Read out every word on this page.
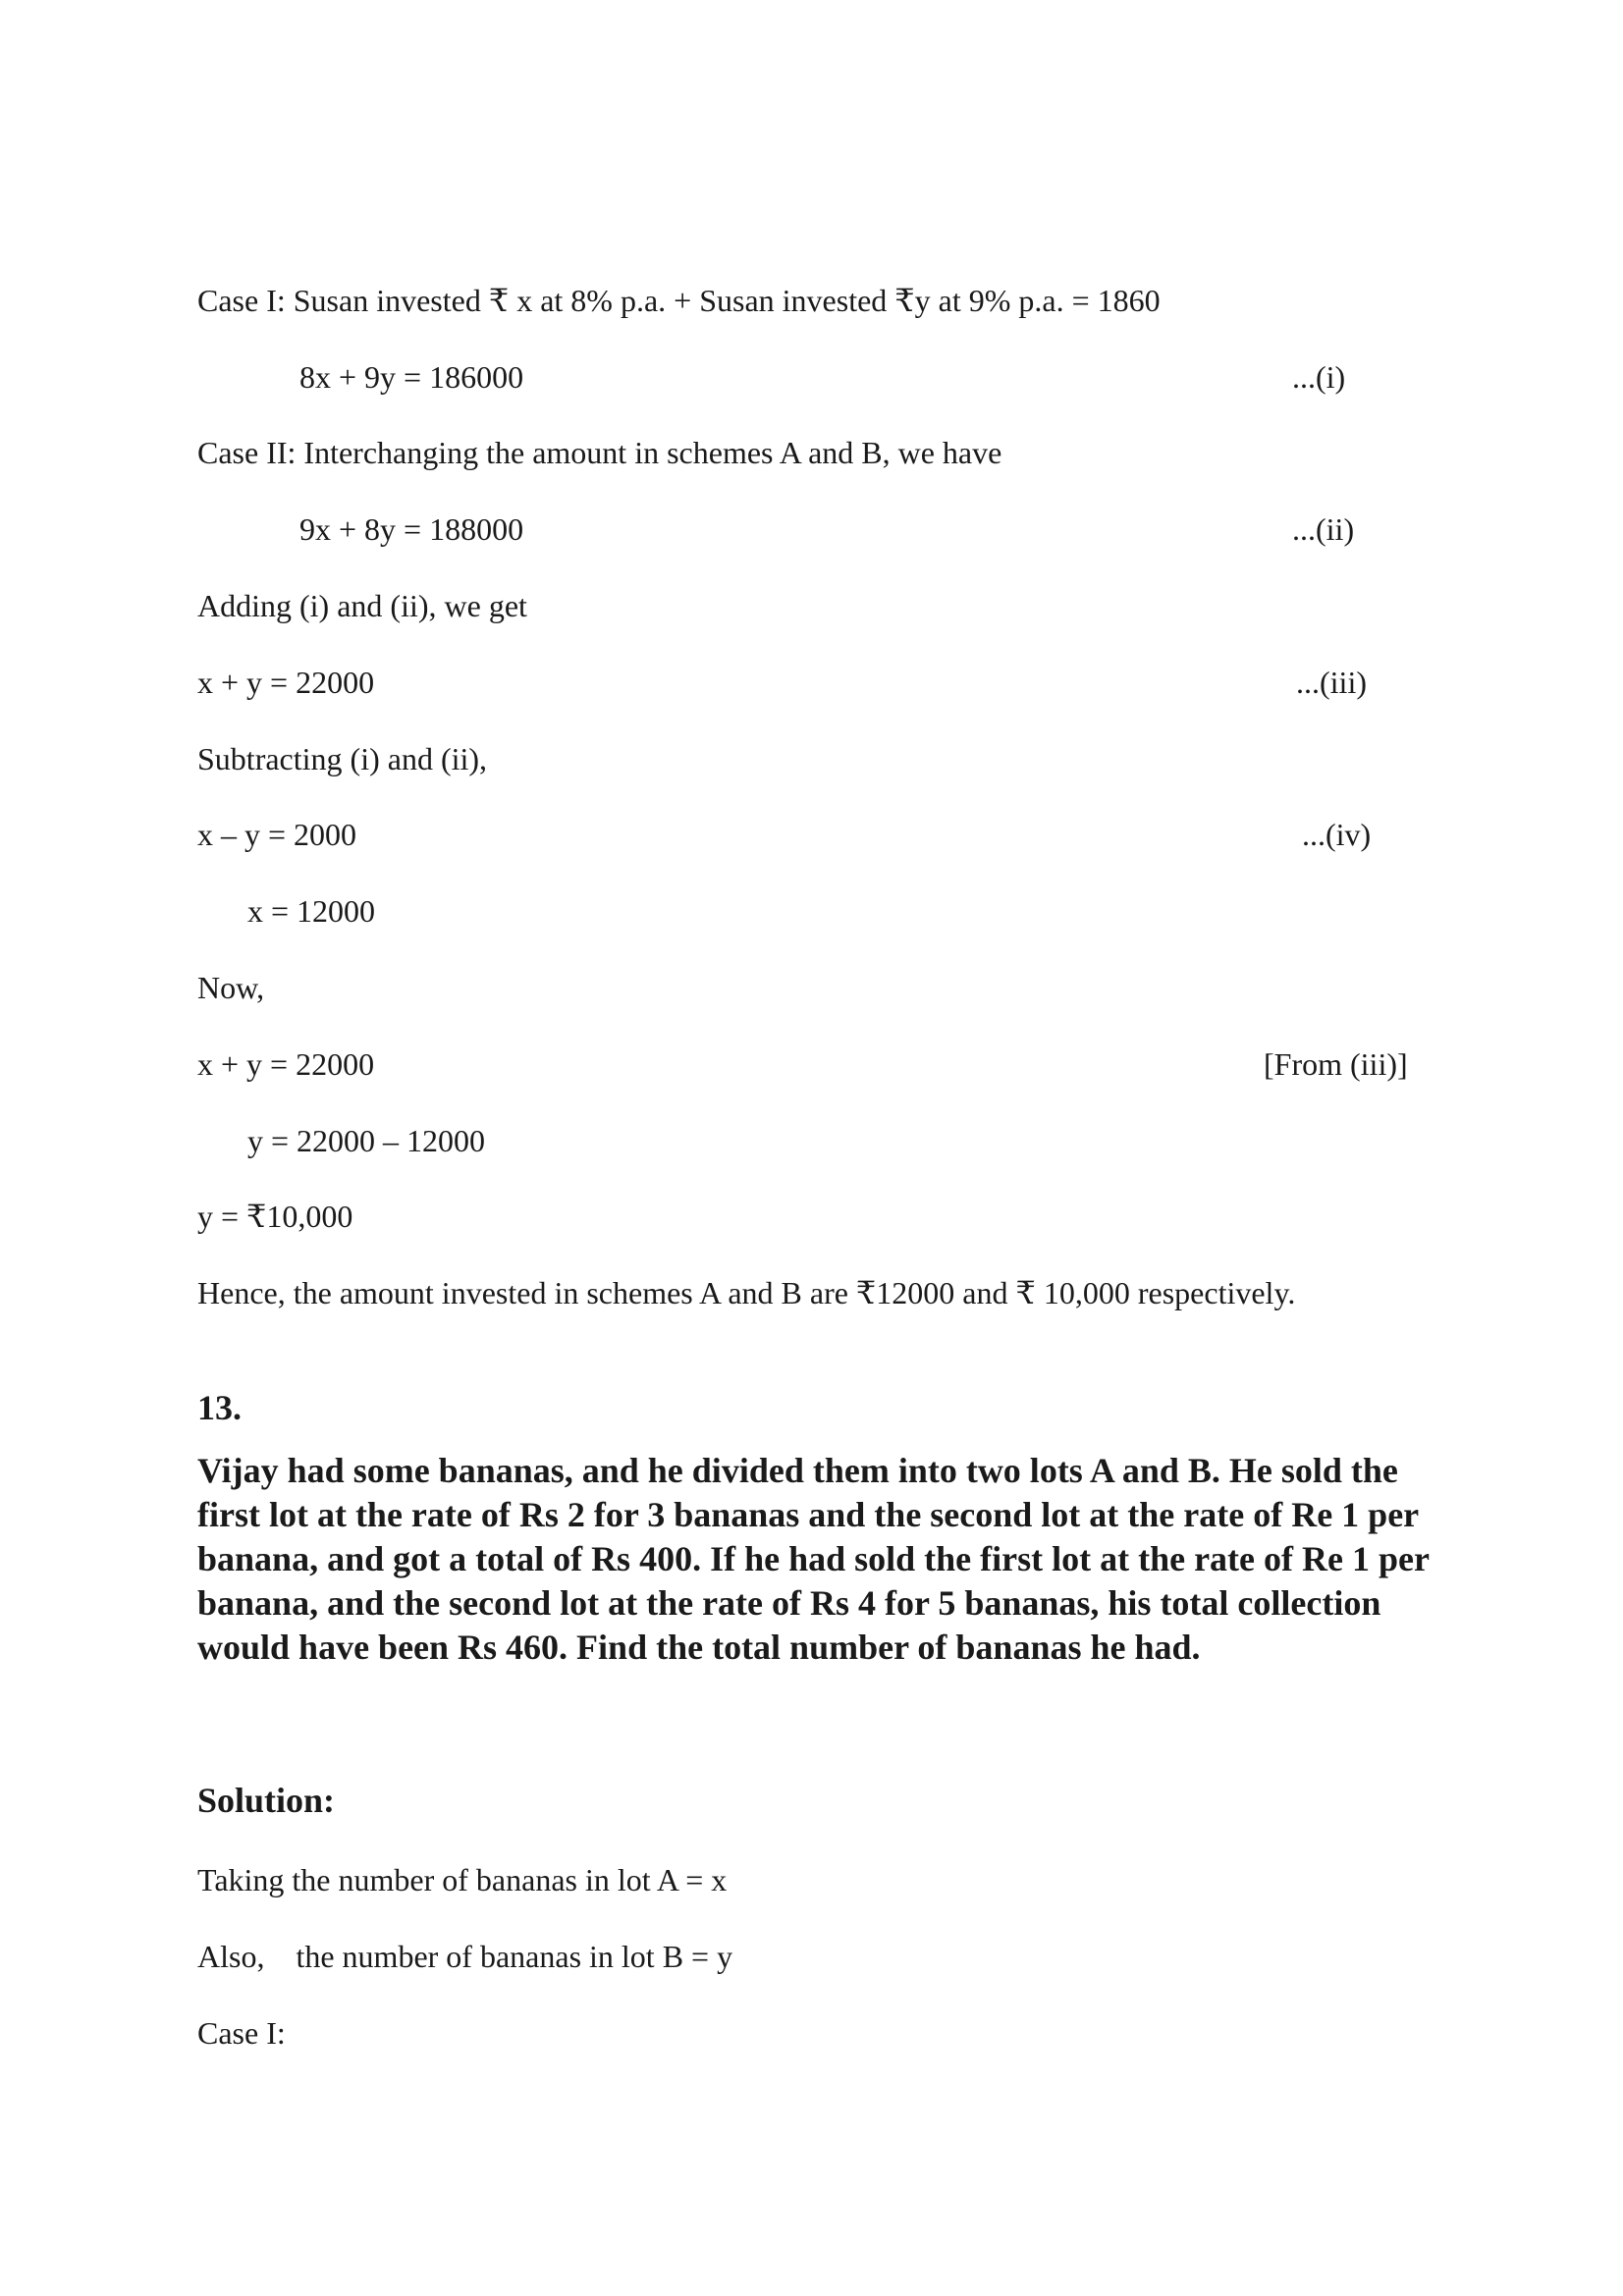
Case I: Susan invested ₹ x at 8% p.a. + Susan invested ₹y at 9% p.a. = 1860
8x + 9y = 186000	...(i)
Case II: Interchanging the amount in schemes A and B, we have
9x + 8y = 188000	...(ii)
Adding (i) and (ii), we get
x + y = 22000	...(iii)
Subtracting (i) and (ii),
x – y = 2000	...(iv)
x = 12000
Now,
x + y = 22000	[From (iii)]
y = 22000 – 12000
y = ₹10,000
Hence, the amount invested in schemes A and B are ₹12000 and ₹ 10,000 respectively.
13.
Vijay had some bananas, and he divided them into two lots A and B. He sold the first lot at the rate of Rs 2 for 3 bananas and the second lot at the rate of Re 1 per banana, and got a total of Rs 400. If he had sold the first lot at the rate of Re 1 per banana, and the second lot at the rate of Rs 4 for 5 bananas, his total collection would have been Rs 460. Find the total number of bananas he had.
Solution:
Taking the number of bananas in lot A = x
Also,    the number of bananas in lot B = y
Case I:
